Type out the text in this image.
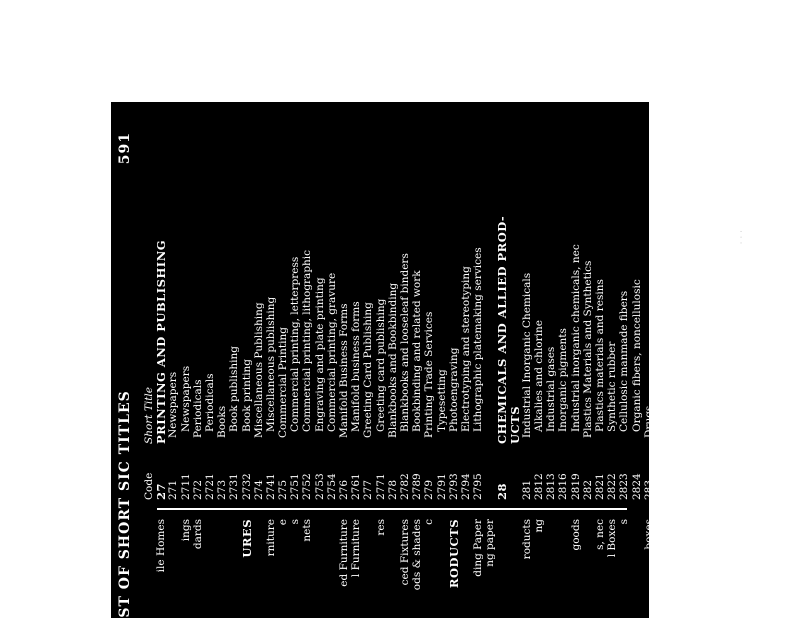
LIST OF SHORT SIC TITLES
591
ile Homes ings dards	URES rniture e s nets ed Furniture l Furniture res ced Fixtures ods & shades c RODUCTS ding Paper ng paper roducts ng goods s, nec l Boxes s boxes ilar products Mills mills
Code 27 271 2711 272 2721 273 2731 2732 274 2741 275 2751 2752 2753 2754 276 2761 277 2771 278 2782 2789 279 2791 2793 2794 2795 28 281 2812 2813 2816 2819 282 2821 2822 2823 2824 283 2831 2833 2834 284 2841 2842 2843 2844 285 2851 286
Short Title PRINTING AND PUBLISHING Newspapers Newspapers Periodicals Periodicals Books Book publishing Book printing Miscellaneous Publishing Miscellaneous publishing Commercial Printing Commercial printing, letterpress Commercial printing, lithographic Engraving and plate printing Commercial printing, gravure Manifold Business Forms Manifold business forms Greeting Card Publishing Greeting card publishing Blankbooks and Bookbinding Blankbooks and looseleaf binders Bookbinding and related work Printing Trade Services Typesetting Photoengraving Electrotyping and stereotyping Lithographic platemaking services CHEMICALS AND ALLIED PROD-
UCTS Industrial Inorganic Chemicals Alkalies and chlorine Industrial gases Inorganic pigments Industrial inorganic chemicals, nec Plastics Materials and Synthetics Plastics materials and resins Synthetic rubber Cellulosic manmade fibers Organic fibers, noncellulosic Drugs Biological products Medicinals and botanicals Pharmaceutical preparations Soap, Cleaners, and Toilet Goods Soap and other detergents Polishes and sanitation goods Surface active agents Toilet preparations Paints and Allied Products Paints and allied products Industrial Organic Chemicals
· · ·
